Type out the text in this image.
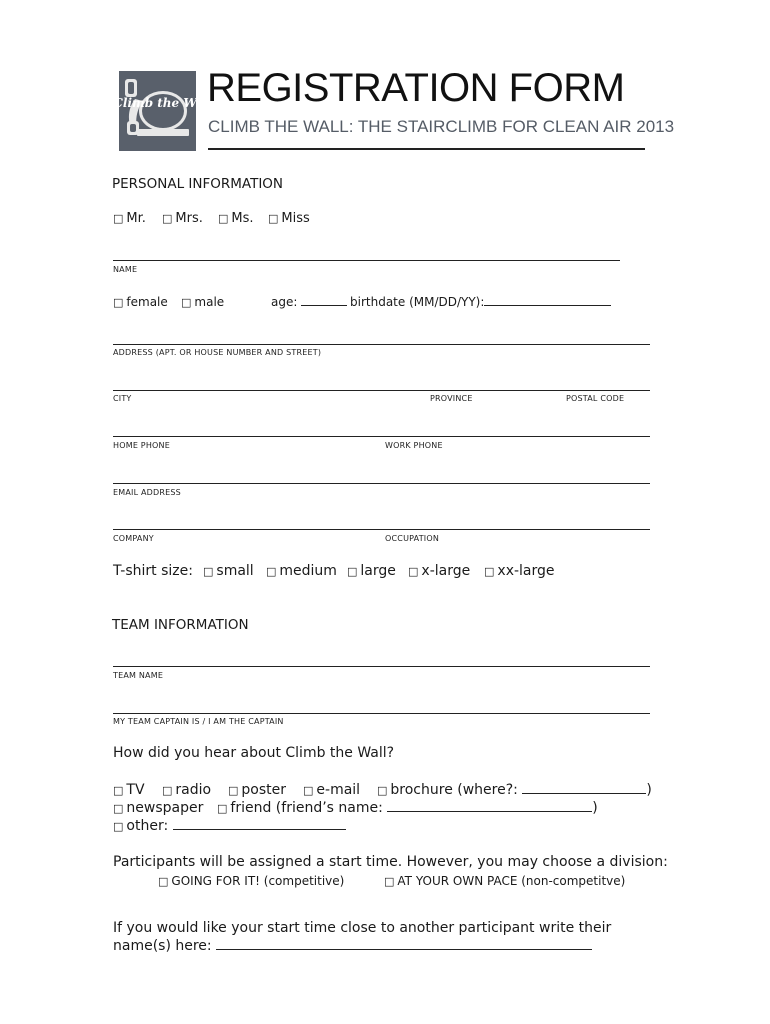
Climb the Wall
REGISTRATION FORM
CLIMB THE WALL: THE STAIRCLIMB FOR CLEAN AIR 2013
PERSONAL INFORMATION
□ Mr. □ Mrs. □ Ms. □ Miss
NAME
□ female □ male	age:	birthdate (MM/DD/YY):
ADDRESS (APT. OR HOUSE NUMBER AND STREET)
CITY	PROVINCE	POSTAL CODE
HOME PHONE	WORK PHONE
EMAIL ADDRESS
COMPANY	OCCUPATION
T-shirt size: □ small □ medium □ large □ x-large □ xx-large
TEAM INFORMATION
TEAM NAME
MY TEAM CAPTAIN IS / I AM THE CAPTAIN
How did you hear about Climb the Wall?
□ TV □ radio □ poster □ e-mail □ brochure (where?:	)
□ newspaper □ friend (friend’s name:	)
□ other:
Participants will be assigned a start time. However, you may choose a division:
□ GOING FOR IT! (competitive)	□ AT YOUR OWN PACE (non-competitve)
If you would like your start time close to another participant write their
name(s) here:
